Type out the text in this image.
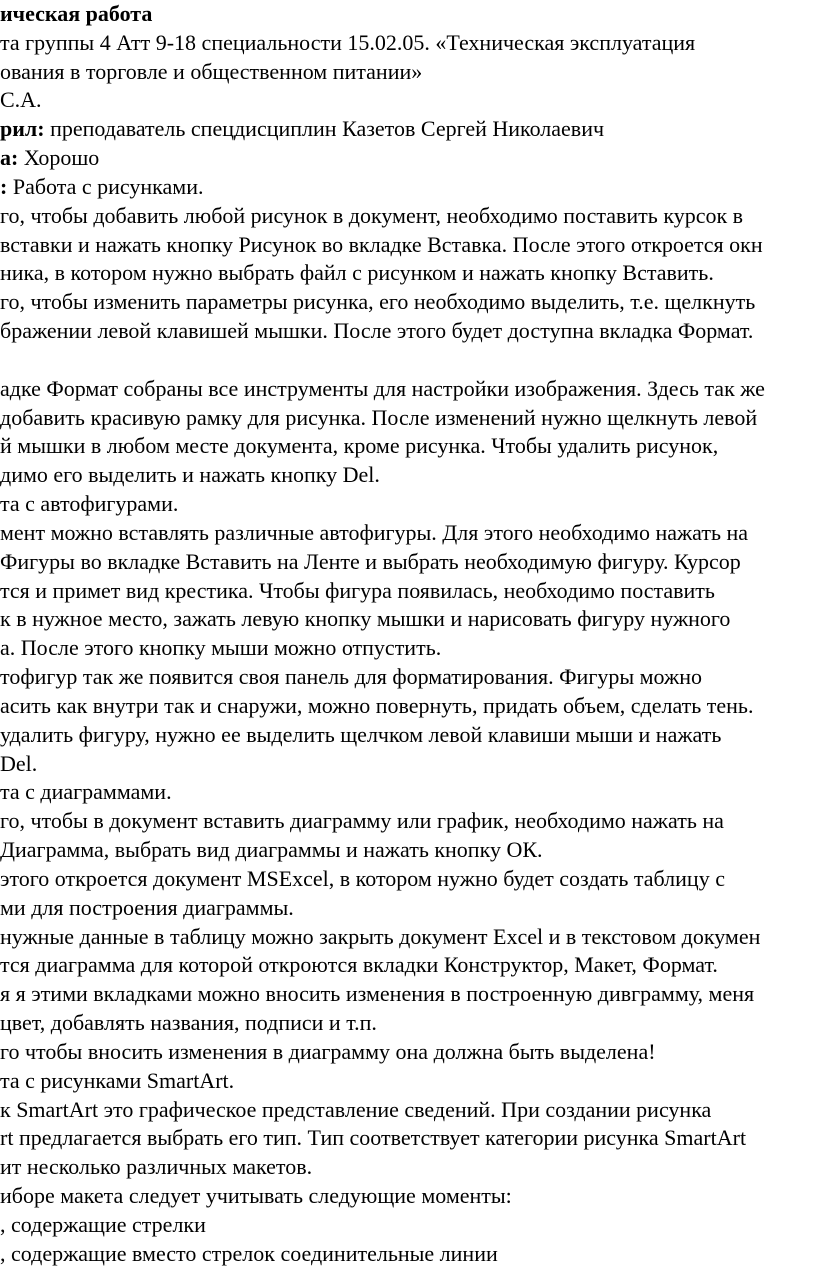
ическая работа
та группы 4 Атт 9-18 специальности 15.02.05. «Техническая эксплуатация
ования в торговле и общественном питании»
С.А.
рил: преподаватель спецдисциплин Казетов Сергей Николаевич
а: Хорошо
: Работа с рисунками.
го, чтобы добавить любой рисунок в документ, необходимо поставить курсок в
вставки и нажать кнопку Рисунок во вкладке Вставка. После этого откроется окн
ника, в котором нужно выбрать файл с рисунком и нажать кнопку Вставить.
го, чтобы изменить параметры рисунка, его необходимо выделить, т.е. щелкнуть
бражении левой клавишей мышки. После этого будет доступна вкладка Формат.
адке Формат собраны все инструменты для настройки изображения. Здесь так же
добавить красивую рамку для рисунка. После изменений нужно щелкнуть левой
й мышки в любом месте документа, кроме рисунка. Чтобы удалить рисунок,
димо его выделить и нажать кнопку Del.
та с автофигурами.
мент можно вставлять различные автофигуры. Для этого необходимо нажать на
Фигуры во вкладке Вставить на Ленте и выбрать необходимую фигуру. Курсор
тся и примет вид крестика. Чтобы фигура появилась, необходимо поставить
к в нужное место, зажать левую кнопку мышки и нарисовать фигуру нужного
а. После этого кнопку мыши можно отпустить.
тофигур так же появится своя панель для форматирования. Фигуры можно
асить как внутри так и снаружи, можно повернуть, придать объем, сделать тень.
удалить фигуру, нужно ее выделить щелчком левой клавиши мыши и нажать
Del.
та с диаграммами.
го, чтобы в документ вставить диаграмму или график, необходимо нажать на
Диаграмма, выбрать вид диаграммы и нажать кнопку ОК.
этого откроется документ MSExcel, в котором нужно будет создать таблицу с
ми для построения диаграммы.
нужные данные в таблицу можно закрыть документ Excel и в текстовом докумен
тся диаграмма для которой откроются вкладки Конструктор, Макет, Формат.
я я этими вкладками можно вносить изменения в построенную дивграмму, меня
цвет, добавлять названия, подписи и т.п.
го чтобы вносить изменения в диаграмму она должна быть выделена!
та с рисунками SmartArt.
к SmartArt это графическое представление сведений. При создании рисунка
rt предлагается выбрать его тип. Тип соответствует категории рисунка SmartArt
ит несколько различных макетов.
иборе макета следует учитывать следующие моменты:
, содержащие стрелки
, содержащие вместо стрелок соединительные линии
